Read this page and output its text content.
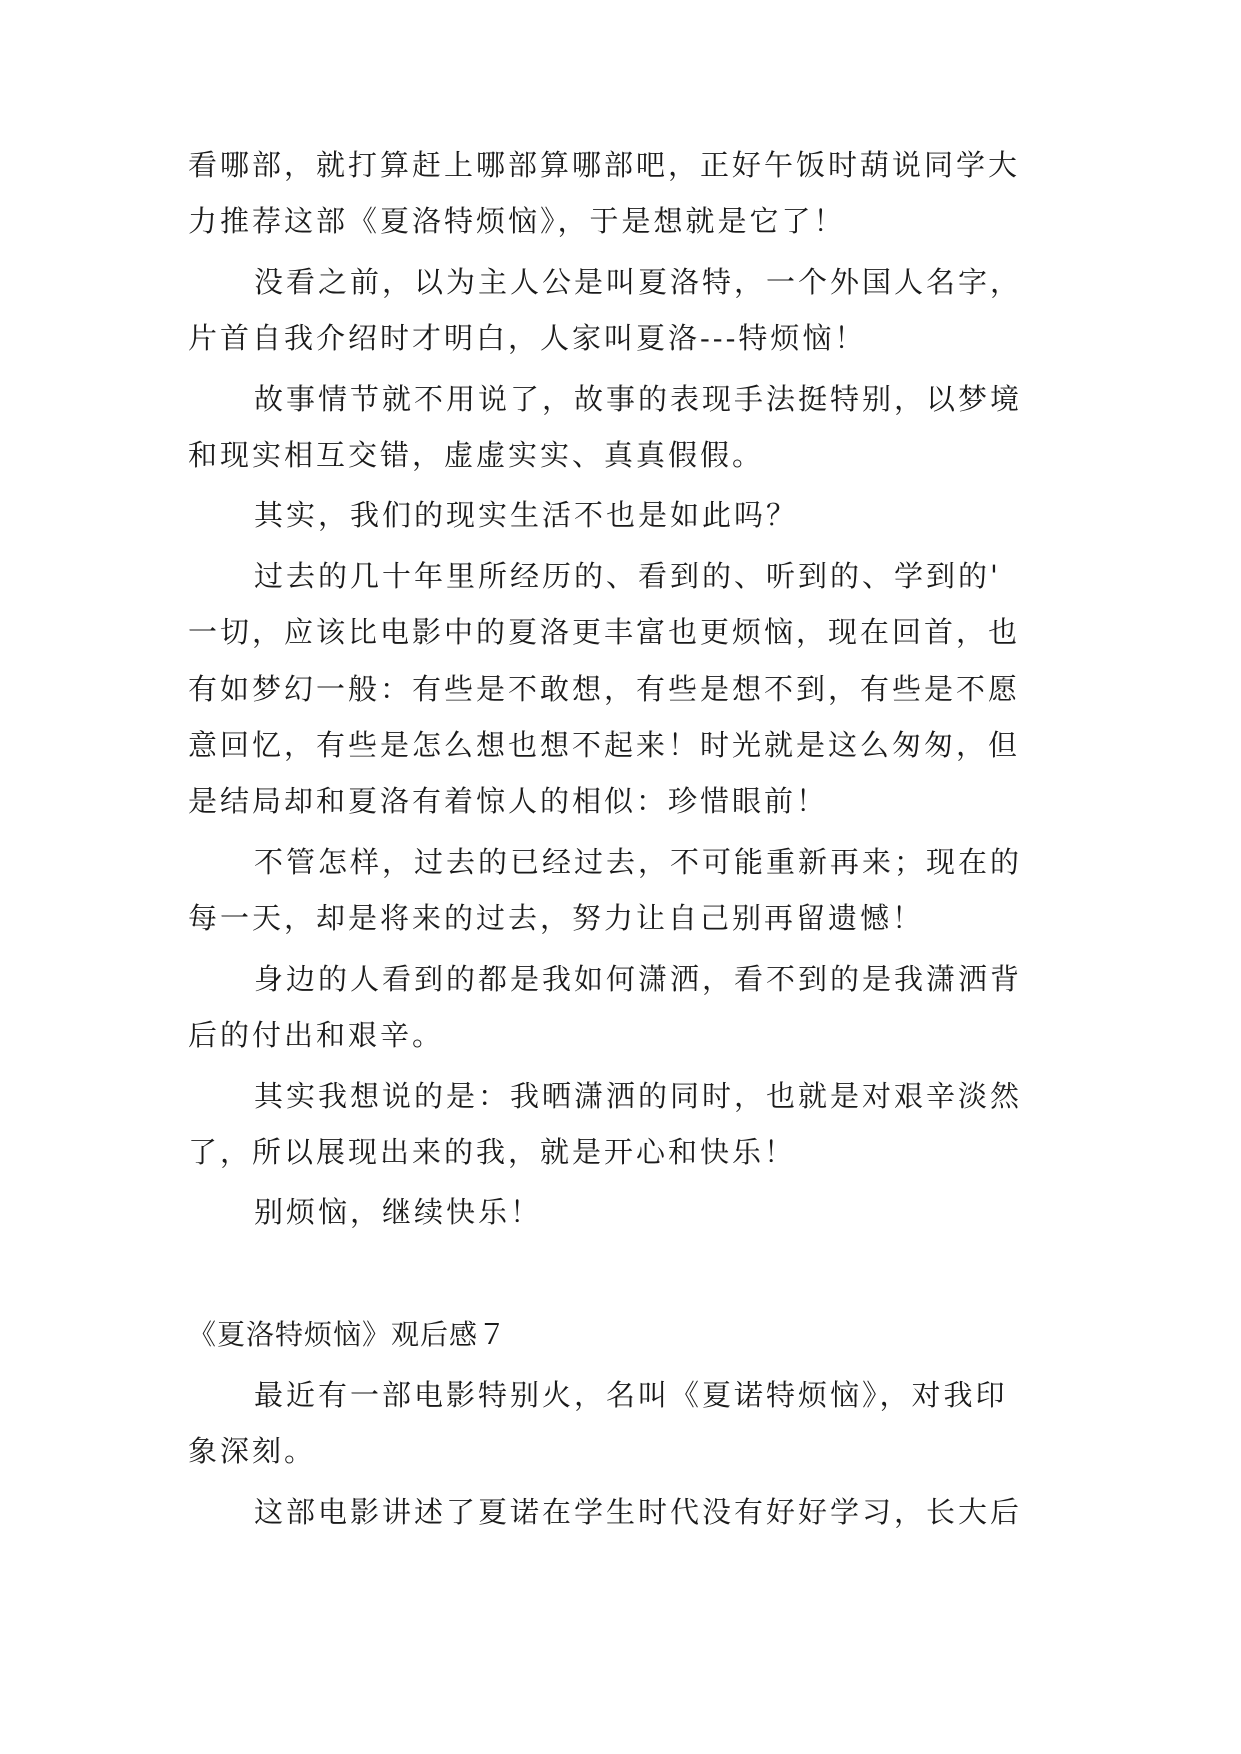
看哪部，就打算赶上哪部算哪部吧，正好午饭时葫说同学大
力推荐这部《夏洛特烦恼》，于是想就是它了！
没看之前，以为主人公是叫夏洛特，一个外国人名字，
片首自我介绍时才明白，人家叫夏洛---特烦恼！
故事情节就不用说了，故事的表现手法挺特别，以梦境
和现实相互交错，虚虚实实、真真假假。
其实，我们的现实生活不也是如此吗？
过去的几十年里所经历的、看到的、听到的、学到的'
一切，应该比电影中的夏洛更丰富也更烦恼，现在回首，也
有如梦幻一般：有些是不敢想，有些是想不到，有些是不愿
意回忆，有些是怎么想也想不起来！时光就是这么匆匆，但
是结局却和夏洛有着惊人的相似：珍惜眼前！
不管怎样，过去的已经过去，不可能重新再来；现在的
每一天，却是将来的过去，努力让自己别再留遗憾！
身边的人看到的都是我如何潇洒，看不到的是我潇洒背
后的付出和艰辛。
其实我想说的是：我晒潇洒的同时，也就是对艰辛淡然
了，所以展现出来的我，就是开心和快乐！
别烦恼，继续快乐！
《夏洛特烦恼》观后感７
最近有一部电影特别火，名叫《夏诺特烦恼》，对我印
象深刻。
这部电影讲述了夏诺在学生时代没有好好学习，长大后
